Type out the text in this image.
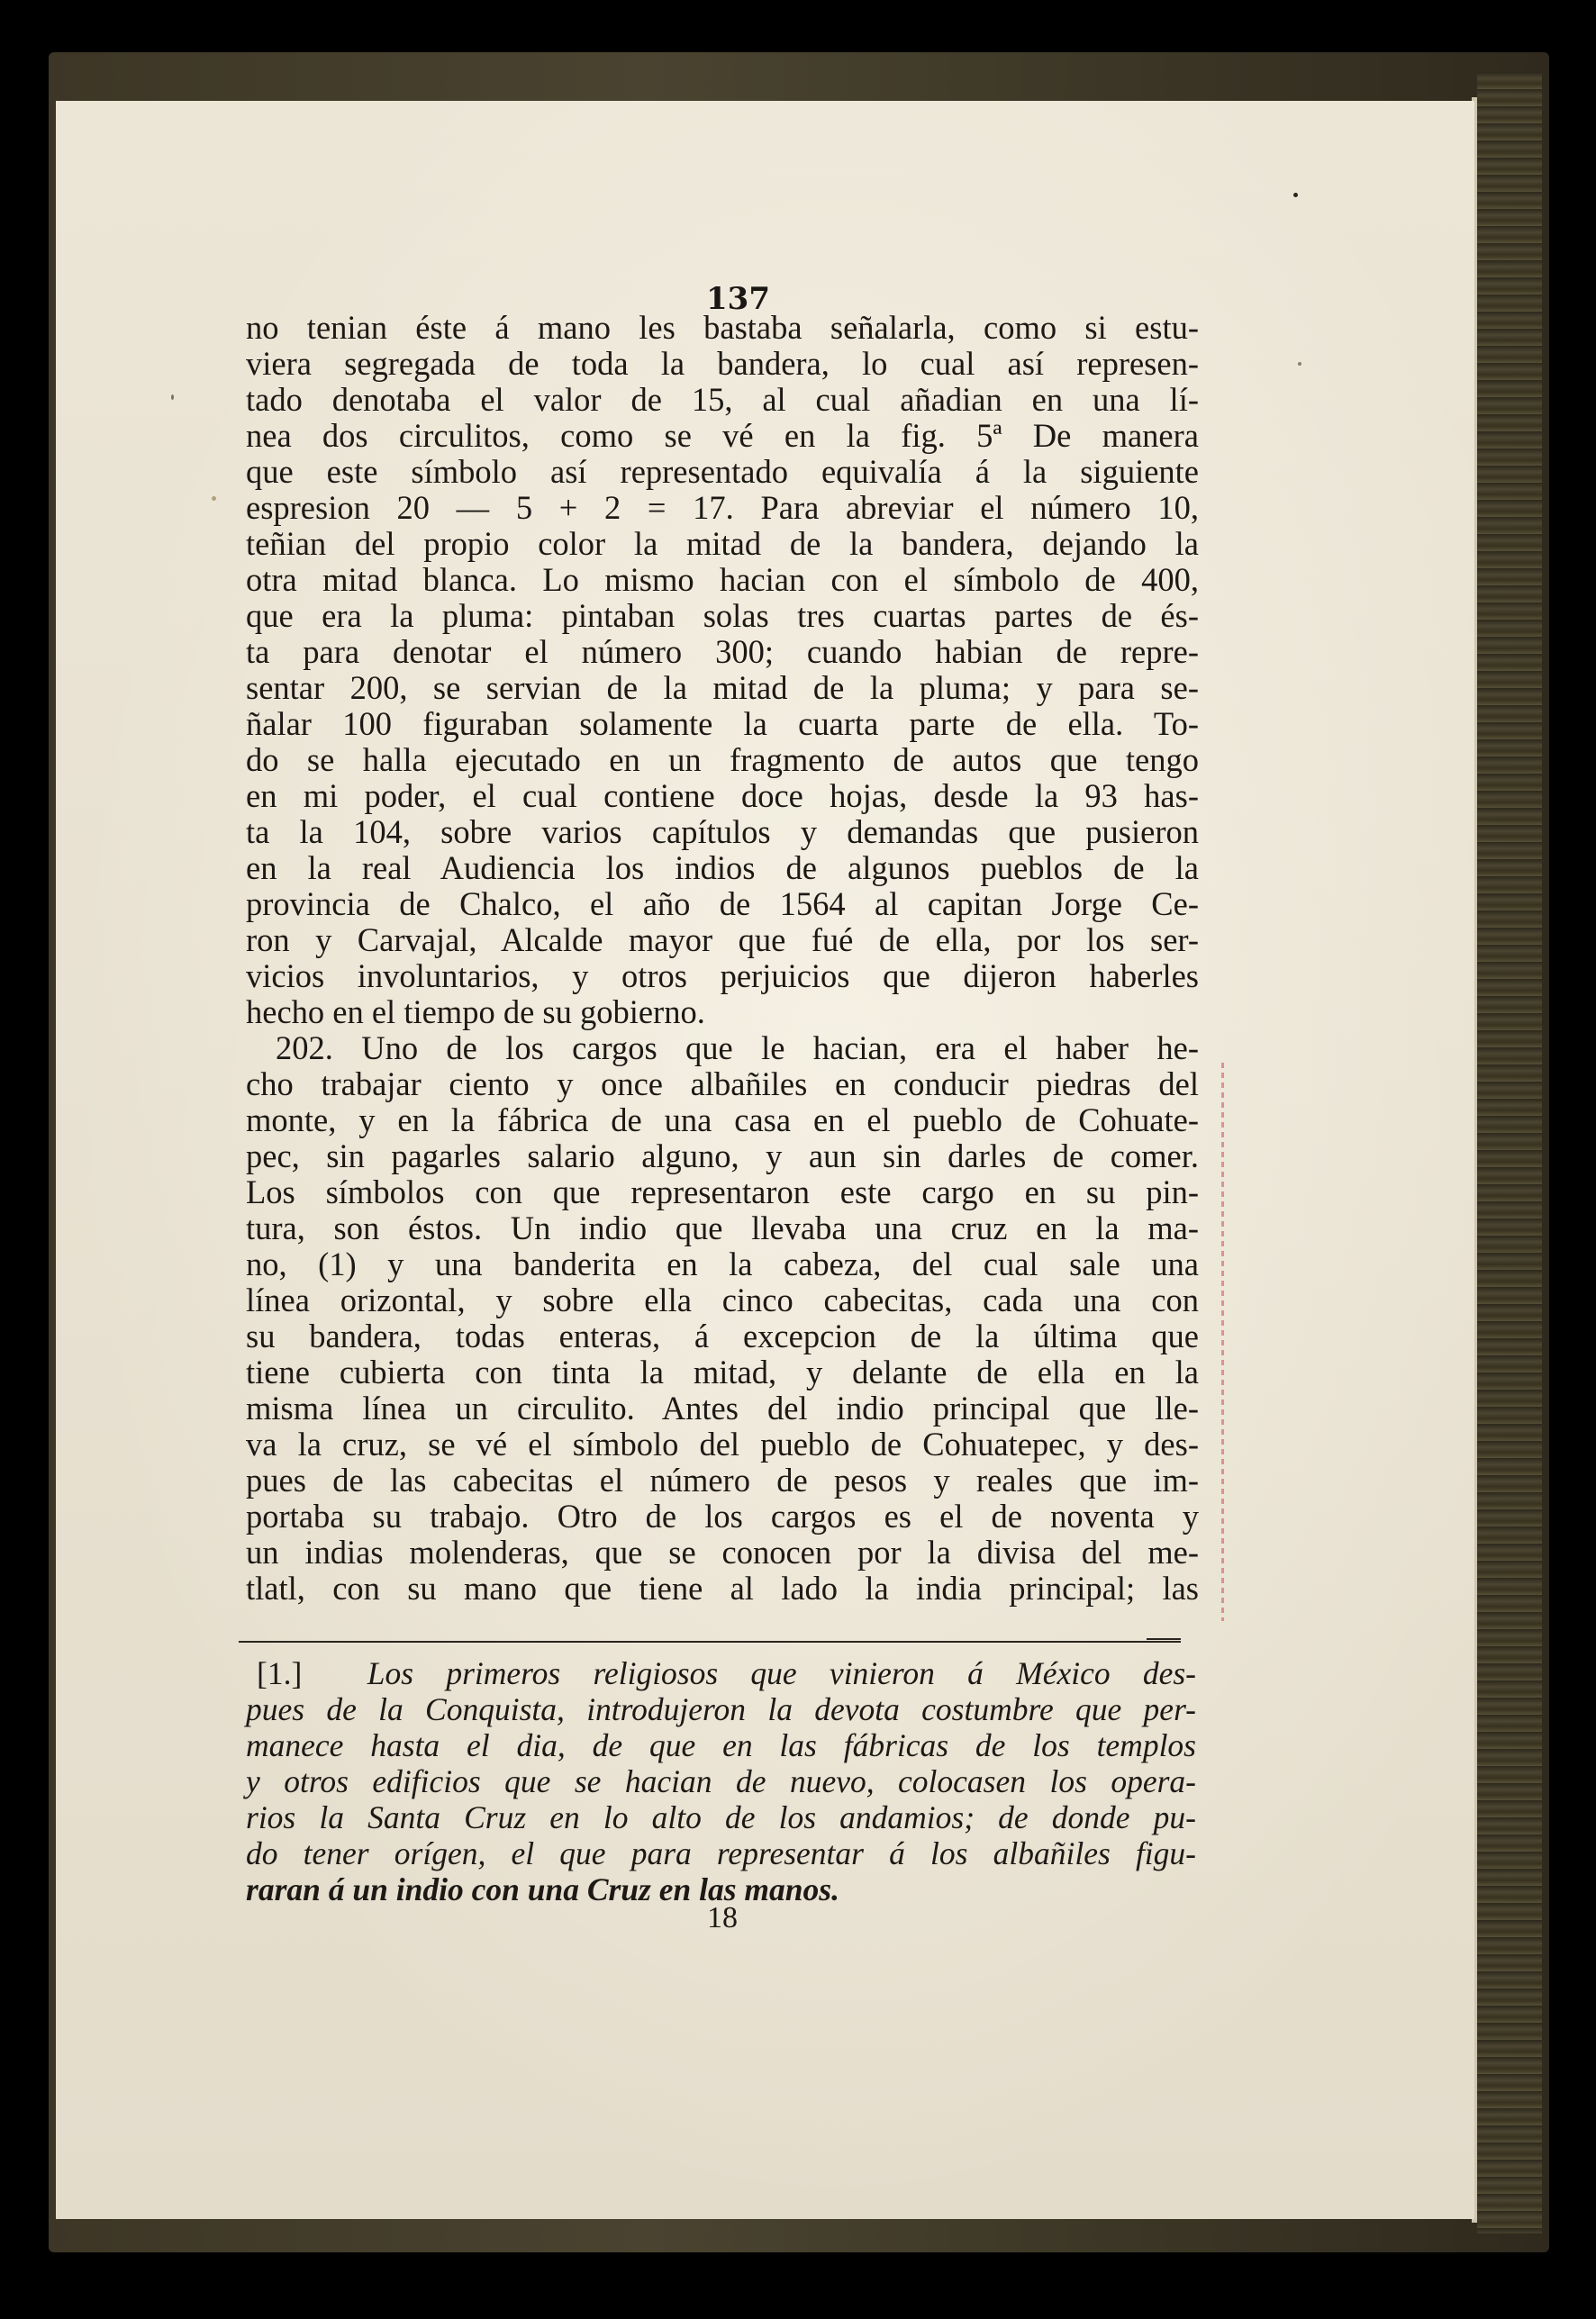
137
no tenian éste á mano les bastaba señalarla, como si estu-
viera segregada de toda la bandera, lo cual así represen-
tado denotaba el valor de 15, al cual añadian en una lí-
nea dos circulitos, como se vé en la fig. 5ª De manera
que este símbolo así representado equivalía á la siguiente
espresion 20 — 5 + 2 = 17. Para abreviar el número 10,
teñian del propio color la mitad de la bandera, dejando la
otra mitad blanca. Lo mismo hacian con el símbolo de 400,
que era la pluma: pintaban solas tres cuartas partes de és-
ta para denotar el número 300; cuando habian de repre-
sentar 200, se servian de la mitad de la pluma; y para se-
ñalar 100 figuraban solamente la cuarta parte de ella. To-
do se halla ejecutado en un fragmento de autos que tengo
en mi poder, el cual contiene doce hojas, desde la 93 has-
ta la 104, sobre varios capítulos y demandas que pusieron
en la real Audiencia los indios de algunos pueblos de la
provincia de Chalco, el año de 1564 al capitan Jorge Ce-
ron y Carvajal, Alcalde mayor que fué de ella, por los ser-
vicios involuntarios, y otros perjuicios que dijeron haberles
hecho en el tiempo de su gobierno.
202. Uno de los cargos que le hacian, era el haber he-
cho trabajar ciento y once albañiles en conducir piedras del
monte, y en la fábrica de una casa en el pueblo de Cohuate-
pec, sin pagarles salario alguno, y aun sin darles de comer.
Los símbolos con que representaron este cargo en su pin-
tura, son éstos. Un indio que llevaba una cruz en la ma-
no, (1) y una banderita en la cabeza, del cual sale una
línea orizontal, y sobre ella cinco cabecitas, cada una con
su bandera, todas enteras, á excepcion de la última que
tiene cubierta con tinta la mitad, y delante de ella en la
misma línea un circulito. Antes del indio principal que lle-
va la cruz, se vé el símbolo del pueblo de Cohuatepec, y des-
pues de las cabecitas el número de pesos y reales que im-
portaba su trabajo. Otro de los cargos es el de noventa y
un indias molenderas, que se conocen por la divisa del me-
tlatl, con su mano que tiene al lado la india principal; las
[1.] Los primeros religiosos que vinieron á México des-
pues de la Conquista, introdujeron la devota costumbre que per-
manece hasta el dia, de que en las fábricas de los templos
y otros edificios que se hacian de nuevo, colocasen los opera-
rios la Santa Cruz en lo alto de los andamios; de donde pu-
do tener orígen, el que para representar á los albañiles figu-
raran á un indio con una Cruz en las manos.
18
